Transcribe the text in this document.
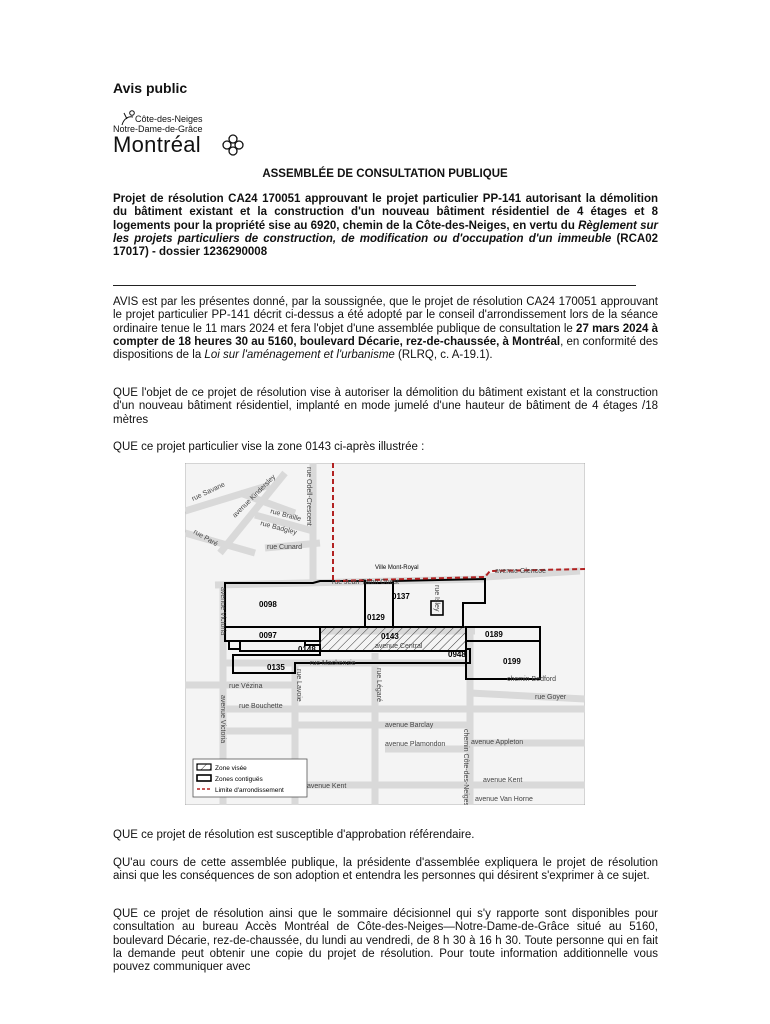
Avis public
Côte-des-Neiges
Notre-Dame-de-Grâce
Montréal
ASSEMBLÉE DE CONSULTATION PUBLIQUE
Projet de résolution CA24 170051 approuvant le projet particulier PP-141 autorisant la démolition du bâtiment existant et la construction d'un nouveau bâtiment résidentiel de 4 étages et 8 logements pour la propriété sise au 6920, chemin de la Côte-des-Neiges, en vertu du Règlement sur les projets particuliers de construction, de modification ou d'occupation d'un immeuble (RCA02 17017) - dossier 1236290008
AVIS est par les présentes donné, par la soussignée, que le projet de résolution CA24 170051 approuvant le projet particulier PP-141 décrit ci-dessus a été adopté par le conseil d'arrondissement lors de la séance ordinaire tenue le 11 mars 2024 et fera l'objet d'une assemblée publique de consultation le 27 mars 2024 à compter de 18 heures 30 au 5160, boulevard Décarie, rez-de-chaussée, à Montréal, en conformité des dispositions de la Loi sur l'aménagement et l'urbanisme (RLRQ, c. A-19.1).
QUE l'objet de ce projet de résolution vise à autoriser la démolition du bâtiment existant et la construction d'un nouveau bâtiment résidentiel, implanté en mode jumelé d'une hauteur de bâtiment de 4 étages /18 mètres
QUE ce projet particulier vise la zone 0143 ci-après illustrée :
rue Savane avenue Kindersley	rue Odell-Crescent
rue Braille
rue Badgley
rue Paré	rue Cunard
rue Jean-Talon Ouest
Ville Mont-Royal	avenue Glencoe
avenue Victoria	rue Isley
avenue Central
rue Mackenzie
rue Lavoie	rue Légaré	chemin Bedford
rue Vézina
rue Goyer
rue Bouchette
avenue Victoria	avenue Barclay
avenue Plamondon	avenue Appleton
chemin Côte-des-Neiges
avenue Kent
avenue Kent
avenue Van Horne
0098
0137
0129
0097	0143	0189
0148
0948
0135
0199
Zone visée
Zones contiguës
Limite d'arrondissement
QUE ce projet de résolution est susceptible d'approbation référendaire.
QU'au cours de cette assemblée publique, la présidente d'assemblée expliquera le projet de résolution ainsi que les conséquences de son adoption et entendra les personnes qui désirent s'exprimer à ce sujet.
QUE ce projet de résolution ainsi que le sommaire décisionnel qui s'y rapporte sont disponibles pour consultation au bureau Accès Montréal de Côte-des-Neiges—Notre-Dame-de-Grâce situé au 5160, boulevard Décarie, rez-de-chaussée, du lundi au vendredi, de 8 h 30 à 16 h 30. Toute personne qui en fait la demande peut obtenir une copie du projet de résolution. Pour toute information additionnelle vous pouvez communiquer avec
